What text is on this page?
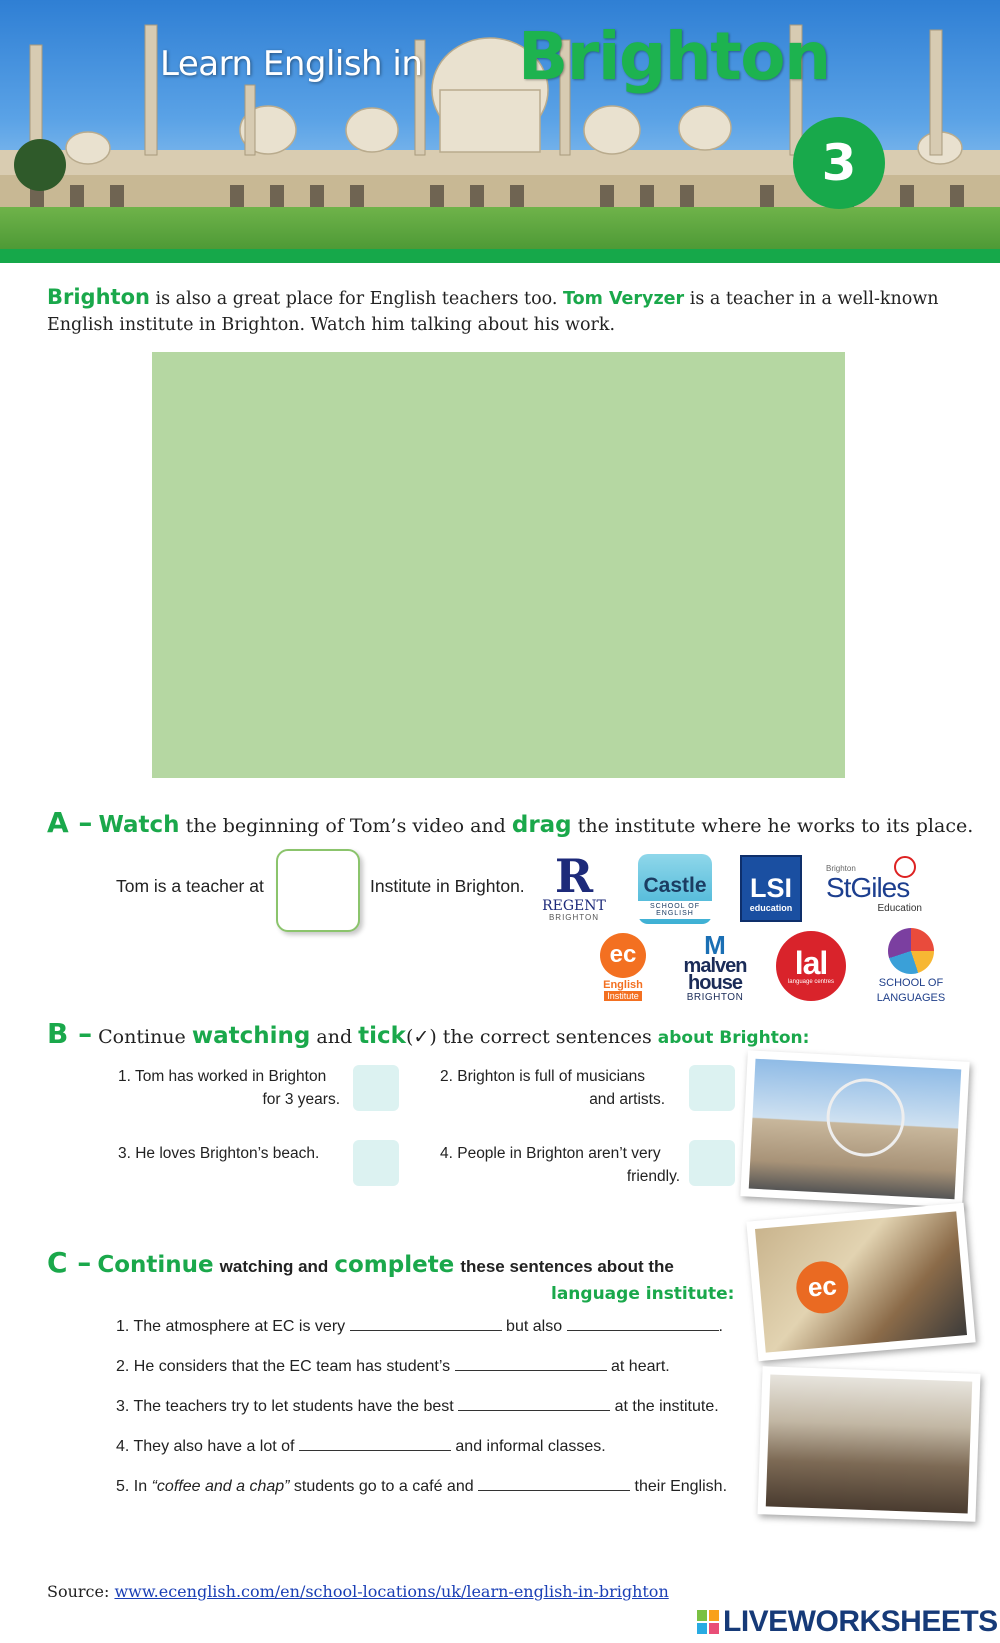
Learn English in Brighton
3

Brighton is also a great place for English teachers too. Tom Veryzer is a teacher in a well-known English institute in Brighton. Watch him talking about his work.

A – Watch the beginning of Tom’s video and drag the institute where he works to its place.
Tom is a teacher at	Institute in Brighton. R
REGENT
BRIGHTON
Castle
SCHOOL OF ENGLISH
LSI
education
Brighton
StGiles
Education
ec
English
Institute
M
malven
house
BRIGHTON
lal
language centres	SCHOOL OF
LANGUAGES
B – Continue watching and tick(✓) the correct sentences about Brighton:
1. Tom has worked in Brighton
for 3 years.
2. Brighton is full of musicians
and artists.
3. He loves Brighton’s beach.	4. People in Brighton aren’t very
friendly.
C – Continue watching and complete these sentences about the
language institute:
1. The atmosphere at EC is very	but also	.
2. He considers that the EC team has student’s	at heart.
3. The teachers try to let students have the best	at the institute.
4. They also have a lot of	and informal classes.
5. In “coffee and a chap” students go to a café and	their English.
ec
Source: www.ecenglish.com/en/school-locations/uk/learn-english-in-brighton
LIVEWORKSHEETS
